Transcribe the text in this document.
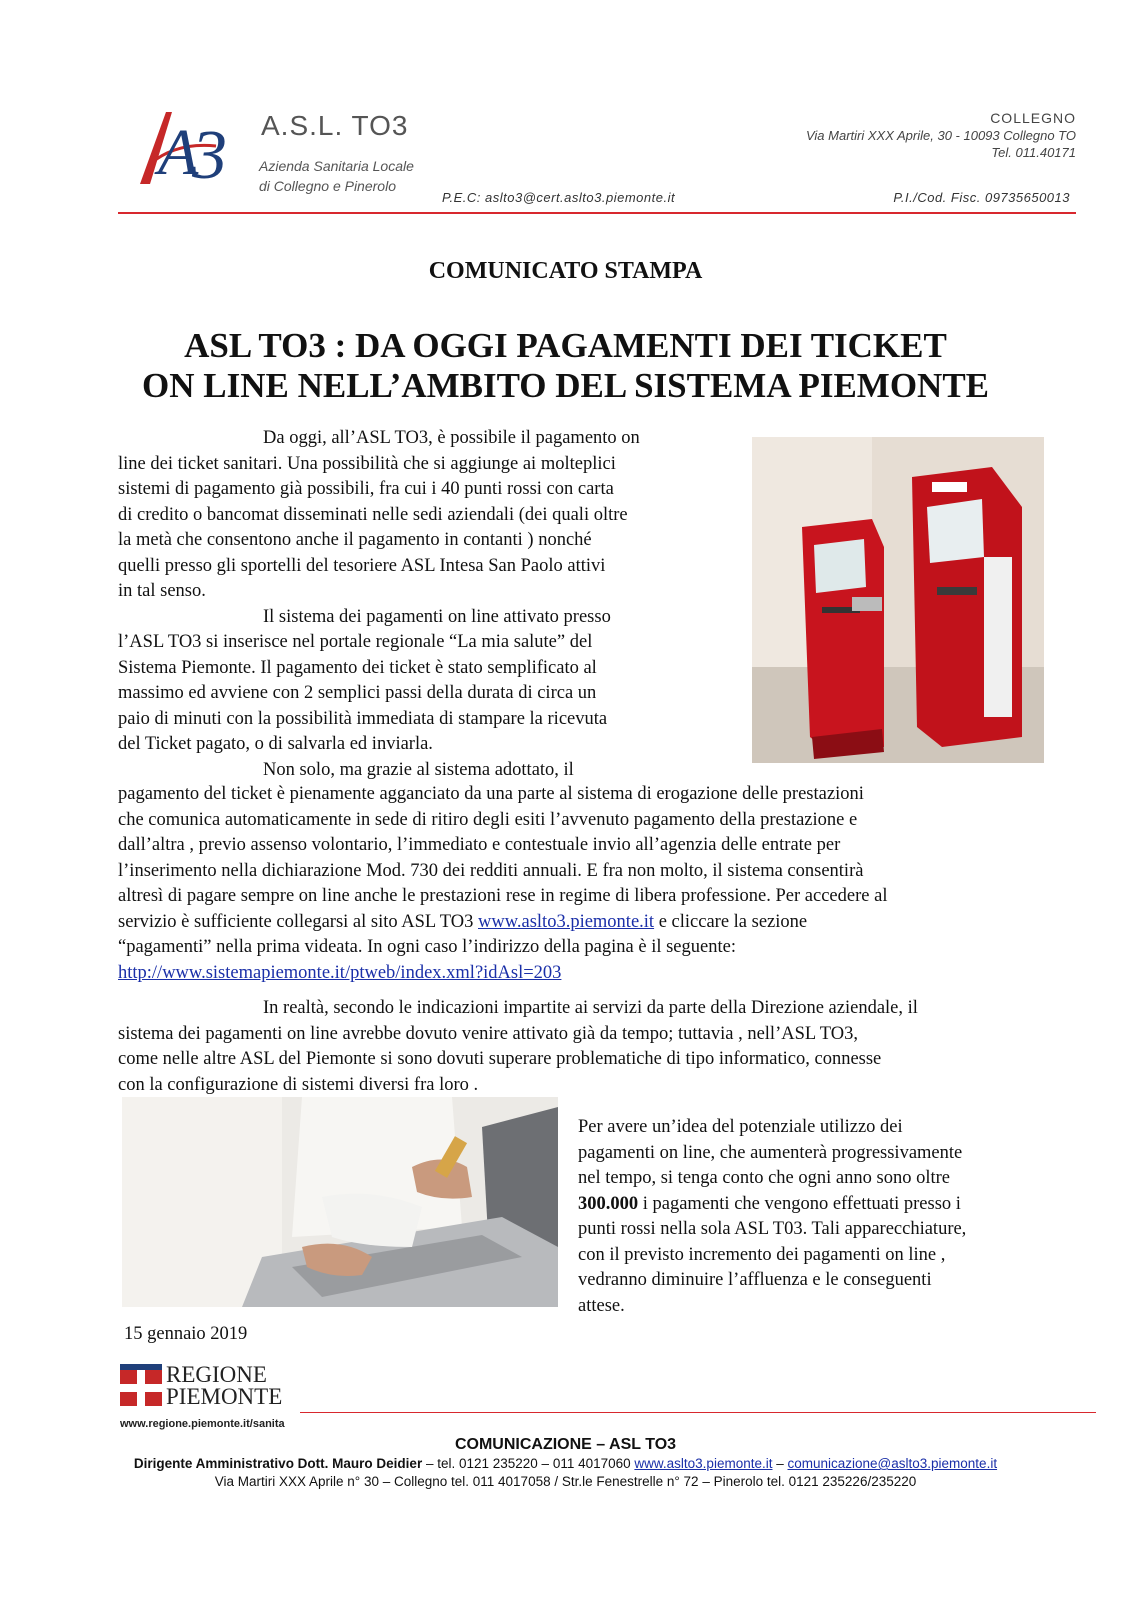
A
3 A.S.L. TO3
Azienda Sanitaria Locale
di Collegno e Pinerolo
P.E.C: aslto3@cert.aslto3.piemonte.it
COLLEGNO
Via Martiri XXX Aprile, 30 - 10093 Collegno TO
Tel. 011.40171
P.I./Cod. Fisc. 09735650013
COMUNICATO STAMPA
ASL TO3 : DA OGGI PAGAMENTI DEI TICKET
ON LINE NELL’AMBITO DEL SISTEMA PIEMONTE
Da oggi, all’ASL TO3, è possibile il pagamento on
line dei ticket sanitari. Una possibilità che si aggiunge ai molteplici
sistemi di pagamento già possibili, fra cui i 40 punti rossi con carta
di credito o bancomat disseminati nelle sedi aziendali (dei quali oltre
la metà che consentono anche il pagamento in contanti ) nonché
quelli presso gli sportelli del tesoriere ASL Intesa San Paolo attivi
in tal senso.
Il sistema dei pagamenti on line attivato presso
l’ASL TO3 si inserisce nel portale regionale “La mia salute” del
Sistema Piemonte. Il pagamento dei ticket è stato semplificato al
massimo ed avviene con 2 semplici passi della durata di circa un
paio di minuti con la possibilità immediata di stampare la ricevuta
del Ticket pagato, o di salvarla ed inviarla.
Non solo, ma grazie al sistema adottato, il
pagamento del ticket è pienamente agganciato da una parte al sistema di erogazione delle prestazioni
che comunica automaticamente in sede di ritiro degli esiti l’avvenuto pagamento della prestazione e
dall’altra , previo assenso volontario, l’immediato e contestuale invio all’agenzia delle entrate per
l’inserimento nella dichiarazione Mod. 730 dei redditi annuali. E fra non molto, il sistema consentirà
altresì di pagare sempre on line anche le prestazioni rese in regime di libera professione. Per accedere al
servizio è sufficiente collegarsi al sito ASL TO3 www.aslto3.piemonte.it e cliccare la sezione
“pagamenti” nella prima videata. In ogni caso l’indirizzo della pagina è il seguente:
http://www.sistemapiemonte.it/ptweb/index.xml?idAsl=203
In realtà, secondo le indicazioni impartite ai servizi da parte della Direzione aziendale, il
sistema dei pagamenti on line avrebbe dovuto venire attivato già da tempo; tuttavia , nell’ASL TO3,
come nelle altre ASL del Piemonte si sono dovuti superare problematiche di tipo informatico, connesse
con la configurazione di sistemi diversi fra loro .
Per avere un’idea del potenziale utilizzo dei
pagamenti on line, che aumenterà progressivamente
nel tempo, si tenga conto che ogni anno sono oltre
300.000 i pagamenti che vengono effettuati presso i
punti rossi nella sola ASL T03. Tali apparecchiature,
con il previsto incremento dei pagamenti on line ,
vedranno diminuire l’affluenza e le conseguenti
attese.
15 gennaio 2019
REGIONE
PIEMONTE
www.regione.piemonte.it/sanita
COMUNICAZIONE – ASL TO3
Dirigente Amministrativo Dott. Mauro Deidier – tel. 0121 235220 – 011 4017060 www.aslto3.piemonte.it – comunicazione@aslto3.piemonte.it
Via Martiri XXX Aprile n° 30 – Collegno tel. 011 4017058 / Str.le Fenestrelle n° 72 – Pinerolo tel. 0121 235226/235220
